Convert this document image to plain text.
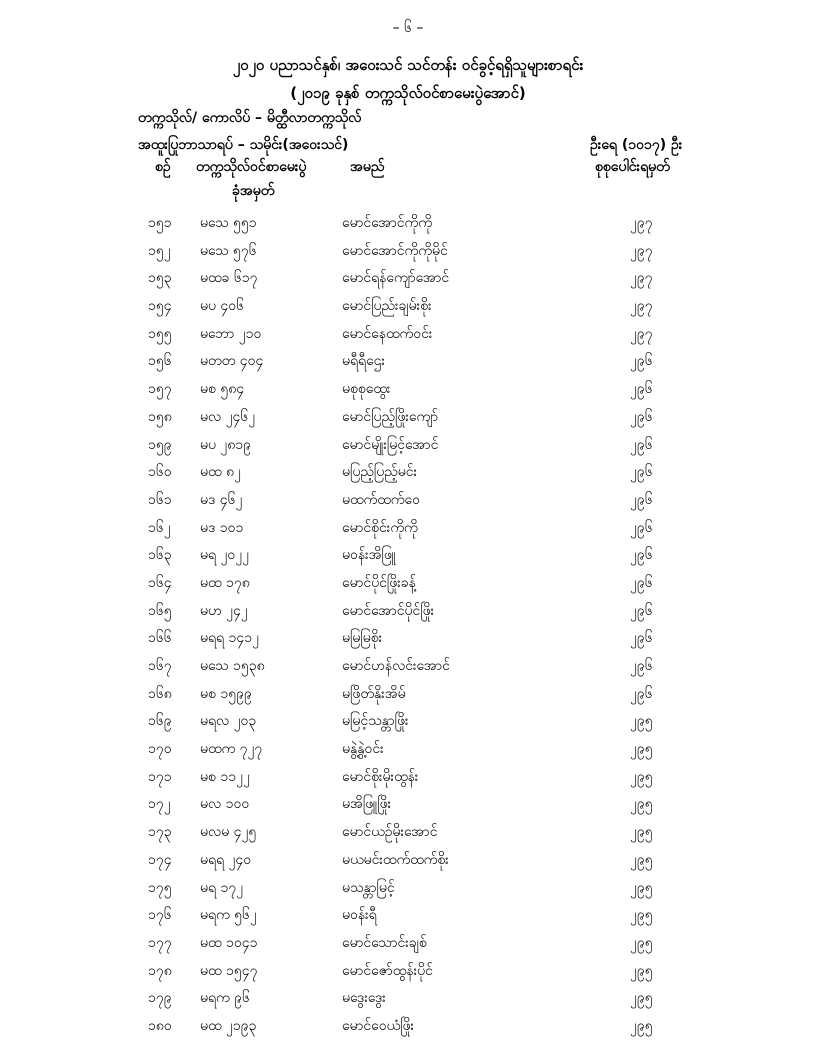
– ၆ –
၂၀၂၀ ပညာသင်နှစ်၊ အဝေးသင် သင်တန်း ဝင်ခွင့်ရရှိသူများစာရင်း
(၂၀၁၉ ခုနှစ် တက္ကသိုလ်ဝင်စာမေးပွဲအောင်)
တက္ကသိုလ်/ ကောလိပ် – မိတ္ထီလာတက္ကသိုလ်
အထူးပြုဘာသာရပ် – သမိုင်း(အဝေးသင်)	ဦးရေ (၁၀၁၇) ဦး
စဉ် တက္ကသိုလ်ဝင်စာမေးပွဲ
ခုံအမှတ်
အမည်	စုစုပေါင်းရမှတ်
၁၅၁ မသေ ၅၅၁	မောင်အောင်ကိုကို	၂၉၇
၁၅၂ မသေ ၅၇၆	မောင်အောင်ကိုကိုမိုင်	၂၉၇
၁၅၃ မထခ ၆၁၇	မောင်ရန်ကျော်အောင်	၂၉၇
၁၅၄ မပ ၄၀၆	မောင်ပြည်းချမ်းစိုး	၂၉၇
၁၅၅ မဘော ၂၁၀	မောင်နေထက်ဝင်း	၂၉၇
၁၅၆ မတတ ၄၀၄	မရီရီဌေး	၂၉၆
၁၅၇ မစ ၅၈၄	မစုစုထွေး	၂၉၆
၁၅၈ မလ ၂၄၆၂	မောင်ပြည့်ဖြိုးကျော်	၂၉၆
၁၅၉ မပ ၂၈၁၉	မောင်မျိုးမြင့်အောင်	၂၉၆
၁၆၀ မထ ၈၂	မပြည့်ပြည့်မင်း	၂၉၆
၁၆၁ မဒ ၄၆၂	မထက်ထက်ဝေ	၂၉၆
၁၆၂ မဒ ၁၀၁	မောင်စိုင်းကိုကို	၂၉၆
၁၆၃ မရ ၂၀၂၂	မဝန်းအိဖြူ	၂၉၆
၁၆၄ မထ ၁၇၈	မောင်ပိုင်ဖြိုးခန့်	၂၉၆
၁၆၅ မဟ ၂၄၂	မောင်အောင်ပိုင်ဖြိုး	၂၉၆
၁၆၆ မရရ ၁၄၁၂	မမြမြစိုး	၂၉၆
၁၆၇ မသေ ၁၅၃၈	မောင်ဟန်လင်းအောင်	၂၉၆
၁၆၈ မစ ၁၅၉၉	မဖြိတ်နိုးအိမ်	၂၉၆
၁၆၉ မရလ ၂၀၃	မမြင့်သန္တာဖြိုး	၂၉၅
၁၇၀ မထက ၇၂၇	မနွဲ့နွဲ့ဝင်း	၂၉၅
၁၇၁ မစ ၁၁၂၂	မောင်စိုးမိုးထွန်း	၂၉၅
၁၇၂ မလ ၁၀၀	မအိဖြူဖြိုး	၂၉၅
၁၇၃ မလမ ၄၂၅	မောင်ယဉ်မိုးအောင်	၂၉၅
၁၇၄ မရရ ၂၄၀	မယမင်းထက်ထက်စိုး	၂၉၅
၁၇၅ မရ ၁၇၂	မသန္တာမြင့်	၂၉၅
၁၇၆ မရက ၅၆၂	မဝန်းရီ	၂၉၅
၁၇၇ မထ ၁၀၄၁	မောင်သောင်းချစ်	၂၉၅
၁၇၈ မထ ၁၅၄၇	မောင်ဇော်ထွန်းပိုင်	၂၉၅
၁၇၉ မရက ၉၆	မဒွေးဒွေး	၂၉၅
၁၈၀ မထ ၂၁၉၃	မောင်ဝေယံဖြိုး	၂၉၅
